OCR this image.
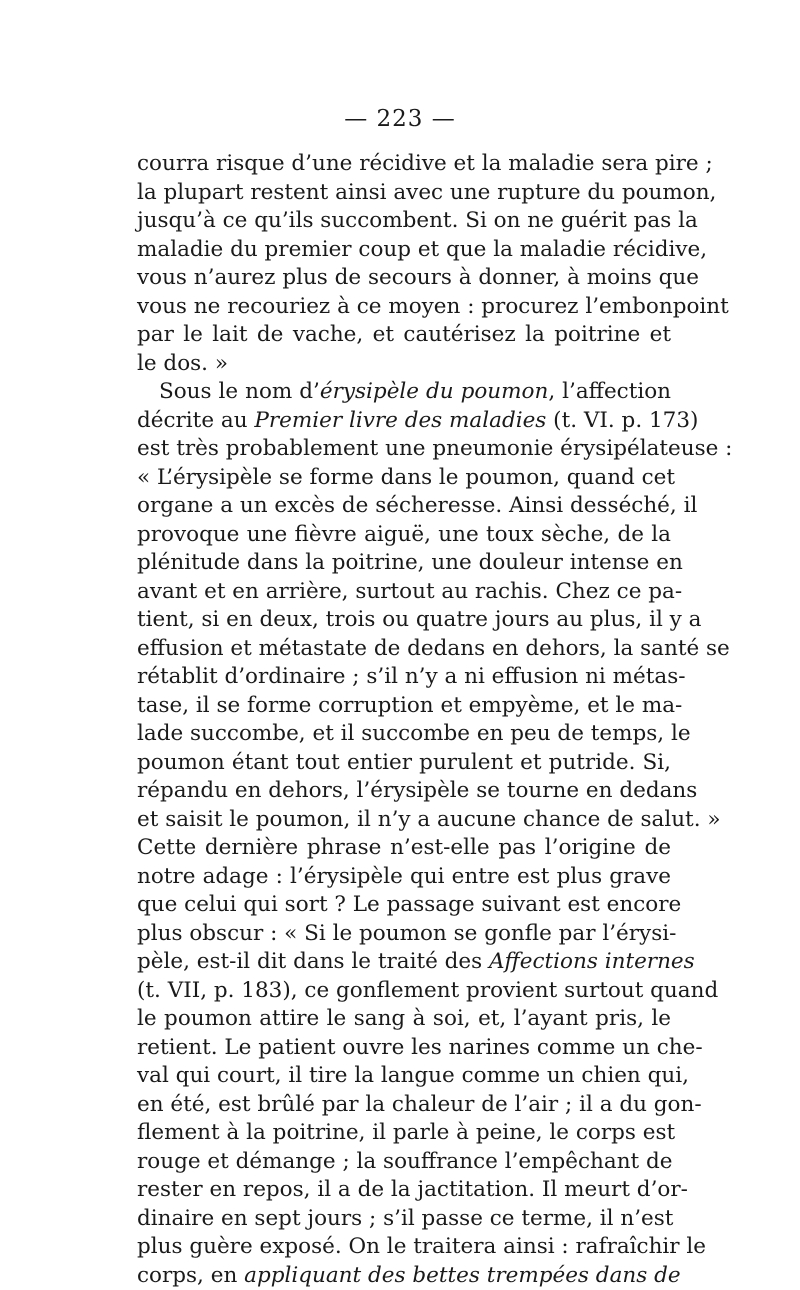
— 223 —
courra risque d’une récidive et la maladie sera pire ;
la plupart restent ainsi avec une rupture du poumon,
jusqu’à ce qu’ils succombent. Si on ne guérit pas la
maladie du premier coup et que la maladie récidive,
vous n’aurez plus de secours à donner, à moins que
vous ne recouriez à ce moyen : procurez l’embonpoint
par le lait de vache, et cautérisez la poitrine et
le dos. »
Sous le nom d’érysipèle du poumon, l’affection
décrite au Premier livre des maladies (t. VI. p. 173)
est très probablement une pneumonie érysipélateuse :
« L’érysipèle se forme dans le poumon, quand cet
organe a un excès de sécheresse. Ainsi desséché, il
provoque une fièvre aiguë, une toux sèche, de la
plénitude dans la poitrine, une douleur intense en
avant et en arrière, surtout au rachis. Chez ce pa-
tient, si en deux, trois ou quatre jours au plus, il y a
effusion et métastate de dedans en dehors, la santé se
rétablit d’ordinaire ; s’il n’y a ni effusion ni métas-
tase, il se forme corruption et empyème, et le ma-
lade succombe, et il succombe en peu de temps, le
poumon étant tout entier purulent et putride. Si,
répandu en dehors, l’érysipèle se tourne en dedans
et saisit le poumon, il n’y a aucune chance de salut. »
Cette dernière phrase n’est-elle pas l’origine de
notre adage : l’érysipèle qui entre est plus grave
que celui qui sort ? Le passage suivant est encore
plus obscur : « Si le poumon se gonfle par l’érysi-
pèle, est-il dit dans le traité des Affections internes
(t. VII, p. 183), ce gonflement provient surtout quand
le poumon attire le sang à soi, et, l’ayant pris, le
retient. Le patient ouvre les narines comme un che-
val qui court, il tire la langue comme un chien qui,
en été, est brûlé par la chaleur de l’air ; il a du gon-
flement à la poitrine, il parle à peine, le corps est
rouge et démange ; la souffrance l’empêchant de
rester en repos, il a de la jactitation. Il meurt d’or-
dinaire en sept jours ; s’il passe ce terme, il n’est
plus guère exposé. On le traitera ainsi : rafraîchir le
corps, en appliquant des bettes trempées dans de
